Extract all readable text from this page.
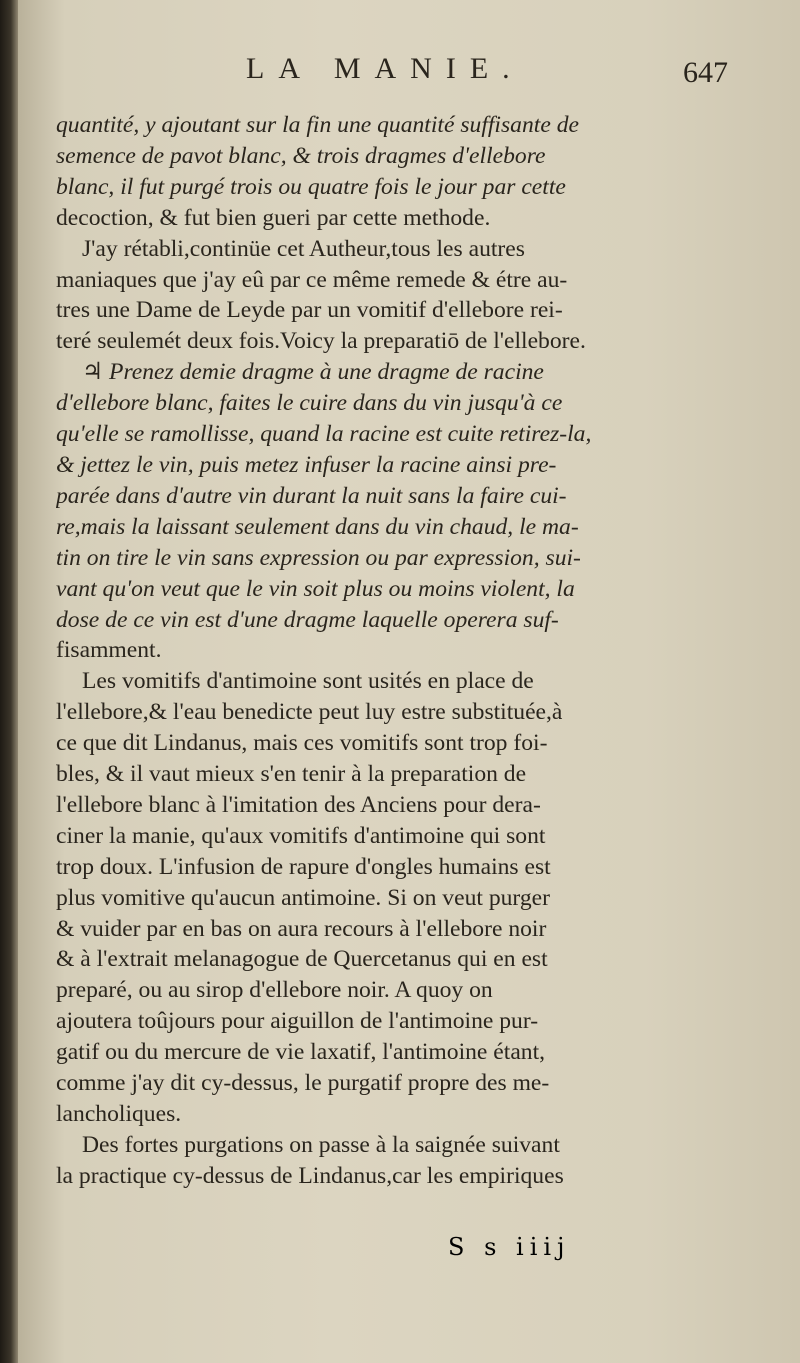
LA MANIE.	647

quantité, y ajoutant sur la fin une quantité suffisante de

semence de pavot blanc, & trois dragmes d'ellebore

blanc, il fut purgé trois ou quatre fois le jour par cette

decoction, & fut bien gueri par cette methode.

J'ay rétabli,continüe cet Autheur,tous les autres

maniaques que j'ay eû par ce même remede & étre au-

tres une Dame de Leyde par un vomitif d'ellebore rei-

teré seulemét deux fois.Voicy la preparatiō de l'ellebore.

♃ Prenez demie dragme à une dragme de racine

d'ellebore blanc, faites le cuire dans du vin jusqu'à ce

qu'elle se ramollisse, quand la racine est cuite retirez-la,

& jettez le vin, puis metez infuser la racine ainsi pre-

parée dans d'autre vin durant la nuit sans la faire cui-

re,mais la laissant seulement dans du vin chaud, le ma-

tin on tire le vin sans expression ou par expression, sui-

vant qu'on veut que le vin soit plus ou moins violent, la

dose de ce vin est d'une dragme laquelle operera suf-

fisamment.

Les vomitifs d'antimoine sont usités en place de

l'ellebore,& l'eau benedicte peut luy estre substituée,à

ce que dit Lindanus, mais ces vomitifs sont trop foi-

bles, & il vaut mieux s'en tenir à la preparation de

l'ellebore blanc à l'imitation des Anciens pour dera-

ciner la manie, qu'aux vomitifs d'antimoine qui sont

trop doux. L'infusion de rapure d'ongles humains est

plus vomitive qu'aucun antimoine. Si on veut purger

& vuider par en bas on aura recours à l'ellebore noir

& à l'extrait melanagogue de Quercetanus qui en est

preparé, ou au sirop d'ellebore noir. A quoy on

ajoutera toûjours pour aiguillon de l'antimoine pur-

gatif ou du mercure de vie laxatif, l'antimoine étant,

comme j'ay dit cy-dessus, le purgatif propre des me-

lancholiques.

Des fortes purgations on passe à la saignée suivant

la practique cy-dessus de Lindanus,car les empiriques

S s iiij
